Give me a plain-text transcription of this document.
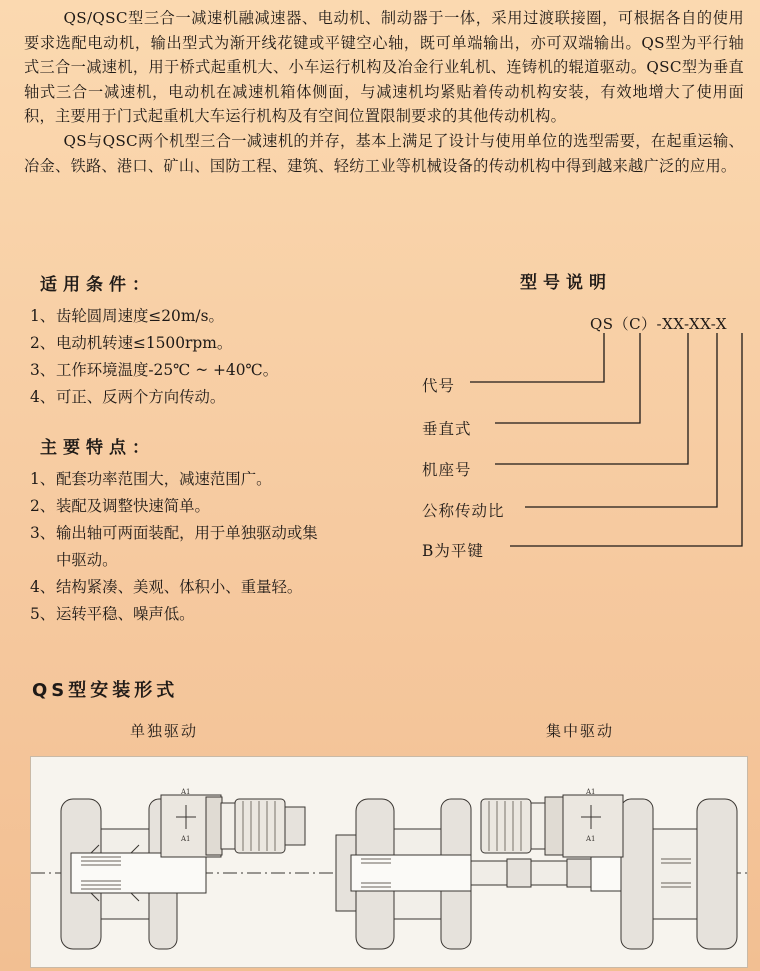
QS/QSC型三合一减速机融减速器、电动机、制动器于一体，采用过渡联接圈，可根据各自的使用要求选配电动机，输出型式为渐开线花键或平键空心轴，既可单端输出，亦可双端输出。QS型为平行轴式三合一减速机，用于桥式起重机大、小车运行机构及冶金行业轧机、连铸机的辊道驱动。QSC型为垂直轴式三合一减速机，电动机在减速机箱体侧面，与减速机均紧贴着传动机构安装，有效地增大了使用面积，主要用于门式起重机大车运行机构及有空间位置限制要求的其他传动机构。

QS与QSC两个机型三合一减速机的并存，基本上满足了设计与使用单位的选型需要，在起重运输、冶金、铁路、港口、矿山、国防工程、建筑、轻纺工业等机械设备的传动机构中得到越来越广泛的应用。

适用条件：
1、齿轮圆周速度≤20m/s。
2、电动机转速≤1500rpm。
3、工作环境温度-25℃ ~ +40℃。
4、可正、反两个方向传动。
主要特点：
1、配套功率范围大，减速范围广。
2、装配及调整快速简单。
3、输出轴可两面装配，用于单独驱动或集中驱动。
4、结构紧凑、美观、体积小、重量轻。
5、运转平稳、噪声低。
型号说明
QS（C）-XX-XX-X
代号
垂直式
机座号
公称传动比
B为平键
QS型安装形式
单独驱动	集中驱动
A1
A1
A1
A1
